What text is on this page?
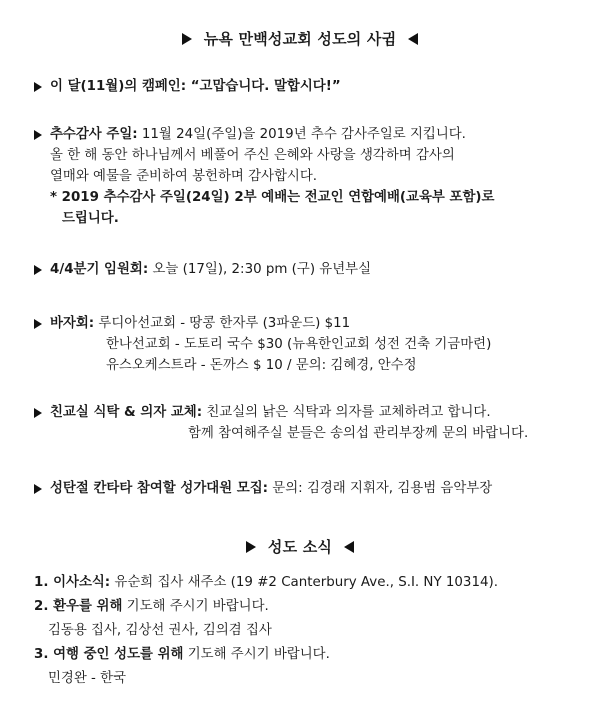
뉴욕 만백성교회 성도의 사귐
이 달(11월)의 캠페인: “고맙습니다. 말합시다!”
추수감사 주일: 11월 24일(주일)을 2019년 추수 감사주일로 지킵니다.
올 한 해 동안 하나님께서 베풀어 주신 은혜와 사랑을 생각하며 감사의
열매와 예물을 준비하여 봉헌하며 감사합시다.
* 2019 추수감사 주일(24일) 2부 예배는 전교인 연합예배(교육부 포함)로
드립니다.
4/4분기 임원회: 오늘 (17일), 2:30 pm (구) 유년부실
바자회: 루디아선교회 - 땅콩 한자루 (3파운드) $11
한나선교회 - 도토리 국수 $30 (뉴욕한인교회 성전 건축 기금마련)
유스오케스트라 - 돈까스 $ 10 / 문의: 김혜경, 안수정
친교실 식탁 & 의자 교체: 친교실의 낡은 식탁과 의자를 교체하려고 합니다.
함께 참여해주실 분들은 송의섭 관리부장께 문의 바랍니다.
성탄절 칸타타 참여할 성가대원 모집: 문의: 김경래 지휘자, 김용범 음악부장
성도 소식
1. 이사소식: 유순희 집사 새주소 (19 #2 Canterbury Ave., S.I. NY 10314).
2. 환우를 위해 기도해 주시기 바랍니다.
김동용 집사, 김상선 권사, 김의겸 집사
3. 여행 중인 성도를 위해 기도해 주시기 바랍니다.
민경완 - 한국
